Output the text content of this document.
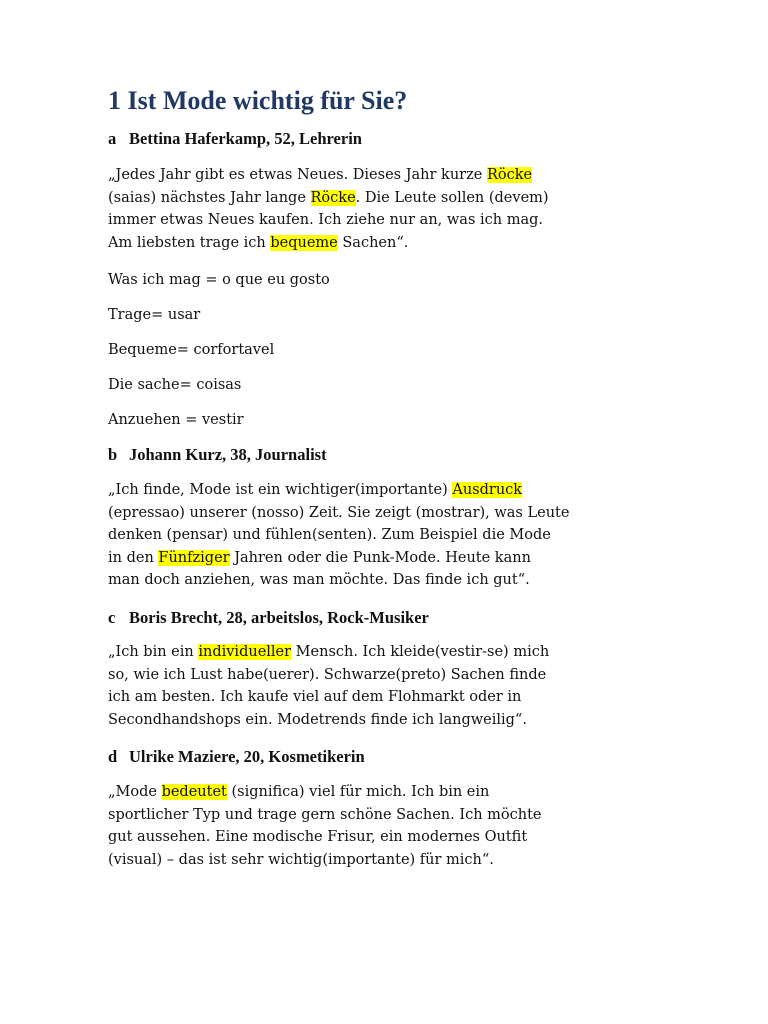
1 Ist Mode wichtig für Sie?
a Bettina Haferkamp, 52, Lehrerin
„Jedes Jahr gibt es etwas Neues. Dieses Jahr kurze Röcke
(saias) nächstes Jahr lange Röcke. Die Leute sollen (devem)
immer etwas Neues kaufen. Ich ziehe nur an, was ich mag.
Am liebsten trage ich bequeme Sachen“.
Was ich mag = o que eu gosto
Trage= usar
Bequeme= corfortavel
Die sache= coisas
Anzuehen = vestir
b Johann Kurz, 38, Journalist
„Ich finde, Mode ist ein wichtiger(importante) Ausdruck
(epressao) unserer (nosso) Zeit. Sie zeigt (mostrar), was Leute
denken (pensar) und fühlen(senten). Zum Beispiel die Mode
in den Fünfziger Jahren oder die Punk-Mode. Heute kann
man doch anziehen, was man möchte. Das finde ich gut“.
c Boris Brecht, 28, arbeitslos, Rock-Musiker
„Ich bin ein individueller Mensch. Ich kleide(vestir-se) mich
so, wie ich Lust habe(uerer). Schwarze(preto) Sachen finde
ich am besten. Ich kaufe viel auf dem Flohmarkt oder in
Secondhandshops ein. Modetrends finde ich langweilig“.
d Ulrike Maziere, 20, Kosmetikerin
„Mode bedeutet (significa) viel für mich. Ich bin ein
sportlicher Typ und trage gern schöne Sachen. Ich möchte
gut aussehen. Eine modische Frisur, ein modernes Outfit
(visual) – das ist sehr wichtig(importante) für mich“.
